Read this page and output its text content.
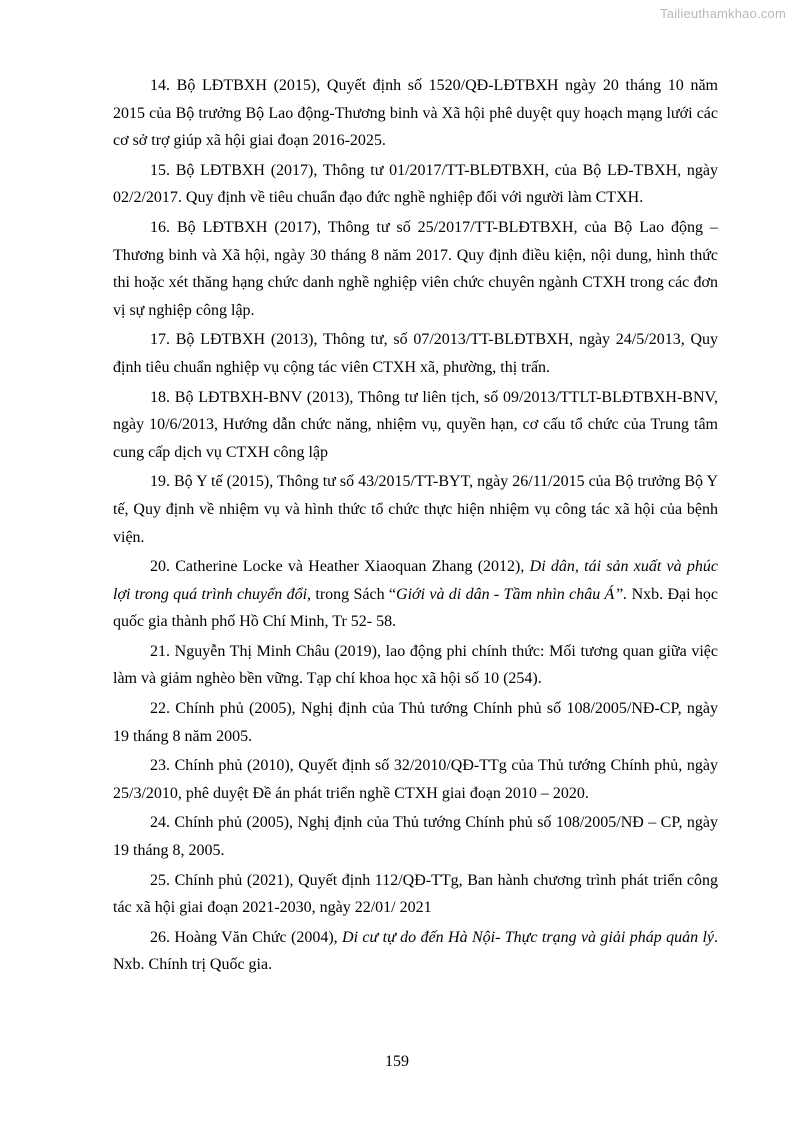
Tailieuthamkhao.com

14. Bộ LĐTBXH (2015), Quyết định số 1520/QĐ-LĐTBXH ngày 20 tháng 10 năm 2015 của Bộ trưởng Bộ Lao động-Thương binh và Xã hội phê duyệt quy hoạch mạng lưới các cơ sở trợ giúp xã hội giai đoạn 2016-2025.

15. Bộ LĐTBXH (2017), Thông tư 01/2017/TT-BLĐTBXH, của Bộ LĐ-TBXH, ngày 02/2/2017. Quy định về tiêu chuẩn đạo đức nghề nghiệp đối với người làm CTXH.

16. Bộ LĐTBXH (2017), Thông tư số 25/2017/TT-BLĐTBXH, của Bộ Lao động – Thương binh và Xã hội, ngày 30 tháng 8 năm 2017. Quy định điều kiện, nội dung, hình thức thi hoặc xét thăng hạng chức danh nghề nghiệp viên chức chuyên ngành CTXH trong các đơn vị sự nghiệp công lập.

17. Bộ LĐTBXH (2013), Thông tư, số 07/2013/TT-BLĐTBXH, ngày 24/5/2013, Quy định tiêu chuẩn nghiệp vụ cộng tác viên CTXH xã, phường, thị trấn.

18. Bộ LĐTBXH-BNV (2013), Thông tư liên tịch, số 09/2013/TTLT-BLĐTBXH-BNV, ngày 10/6/2013, Hướng dẫn chức năng, nhiệm vụ, quyền hạn, cơ cấu tổ chức của Trung tâm cung cấp dịch vụ CTXH công lập

19. Bộ Y tế (2015), Thông tư số 43/2015/TT-BYT, ngày 26/11/2015 của Bộ trưởng Bộ Y tế, Quy định về nhiệm vụ và hình thức tổ chức thực hiện nhiệm vụ công tác xã hội của bệnh viện.

20. Catherine Locke và Heather Xiaoquan Zhang (2012), Di dân, tái sản xuất và phúc lợi trong quá trình chuyển đổi, trong Sách “Giới và di dân - Tầm nhìn châu Á”. Nxb. Đại học quốc gia thành phố Hồ Chí Minh, Tr 52- 58.

21. Nguyễn Thị Minh Châu (2019), lao động phi chính thức: Mối tương quan giữa việc làm và giảm nghèo bền vững. Tạp chí khoa học xã hội số 10 (254).

22. Chính phủ (2005), Nghị định của Thủ tướng Chính phủ số 108/2005/NĐ-CP, ngày 19 tháng 8 năm 2005.

23. Chính phủ (2010), Quyết định số 32/2010/QĐ-TTg của Thủ tướng Chính phủ, ngày 25/3/2010, phê duyệt Đề án phát triển nghề CTXH giai đoạn 2010 – 2020.

24. Chính phủ (2005), Nghị định của Thủ tướng Chính phủ số 108/2005/NĐ – CP, ngày 19 tháng 8, 2005.

25. Chính phủ (2021), Quyết định 112/QĐ-TTg, Ban hành chương trình phát triển công tác xã hội giai đoạn 2021-2030, ngày 22/01/ 2021

26. Hoàng Văn Chức (2004), Di cư tự do đến Hà Nội- Thực trạng và giải pháp quản lý. Nxb. Chính trị Quốc gia.

159
